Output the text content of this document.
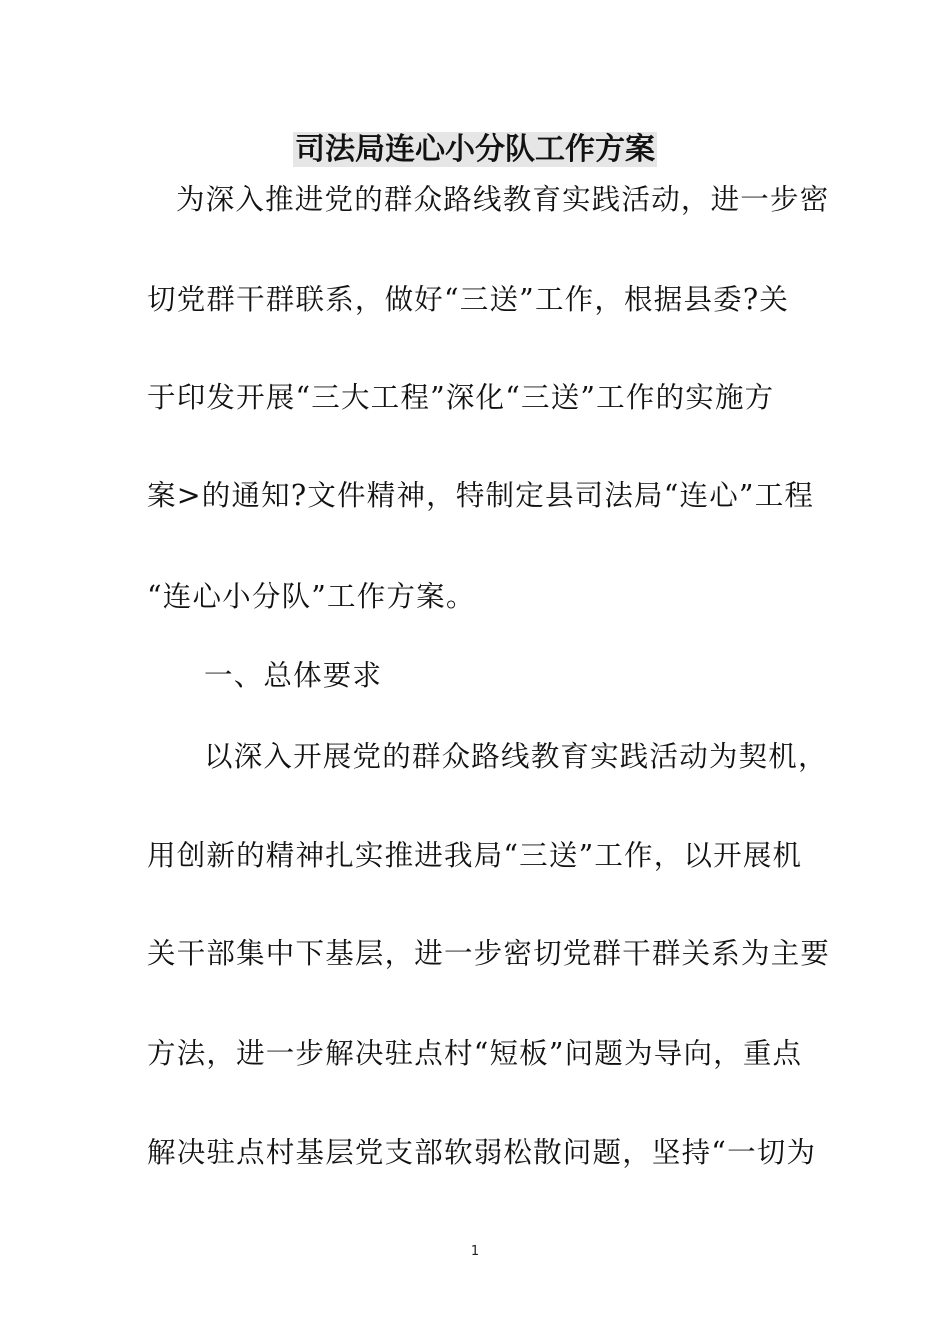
司法局连心小分队工作方案
为深入推进党的群众路线教育实践活动，进一步密
切党群干群联系，做好“三送”工作，根据县委?关
于印发开展“三大工程”深化“三送”工作的实施方
案>的通知?文件精神，特制定县司法局“连心”工程
“连心小分队”工作方案。
一、总体要求
以深入开展党的群众路线教育实践活动为契机，
用创新的精神扎实推进我局“三送”工作，以开展机
关干部集中下基层，进一步密切党群干群关系为主要
方法，进一步解决驻点村“短板”问题为导向，重点
解决驻点村基层党支部软弱松散问题，坚持“一切为
1
